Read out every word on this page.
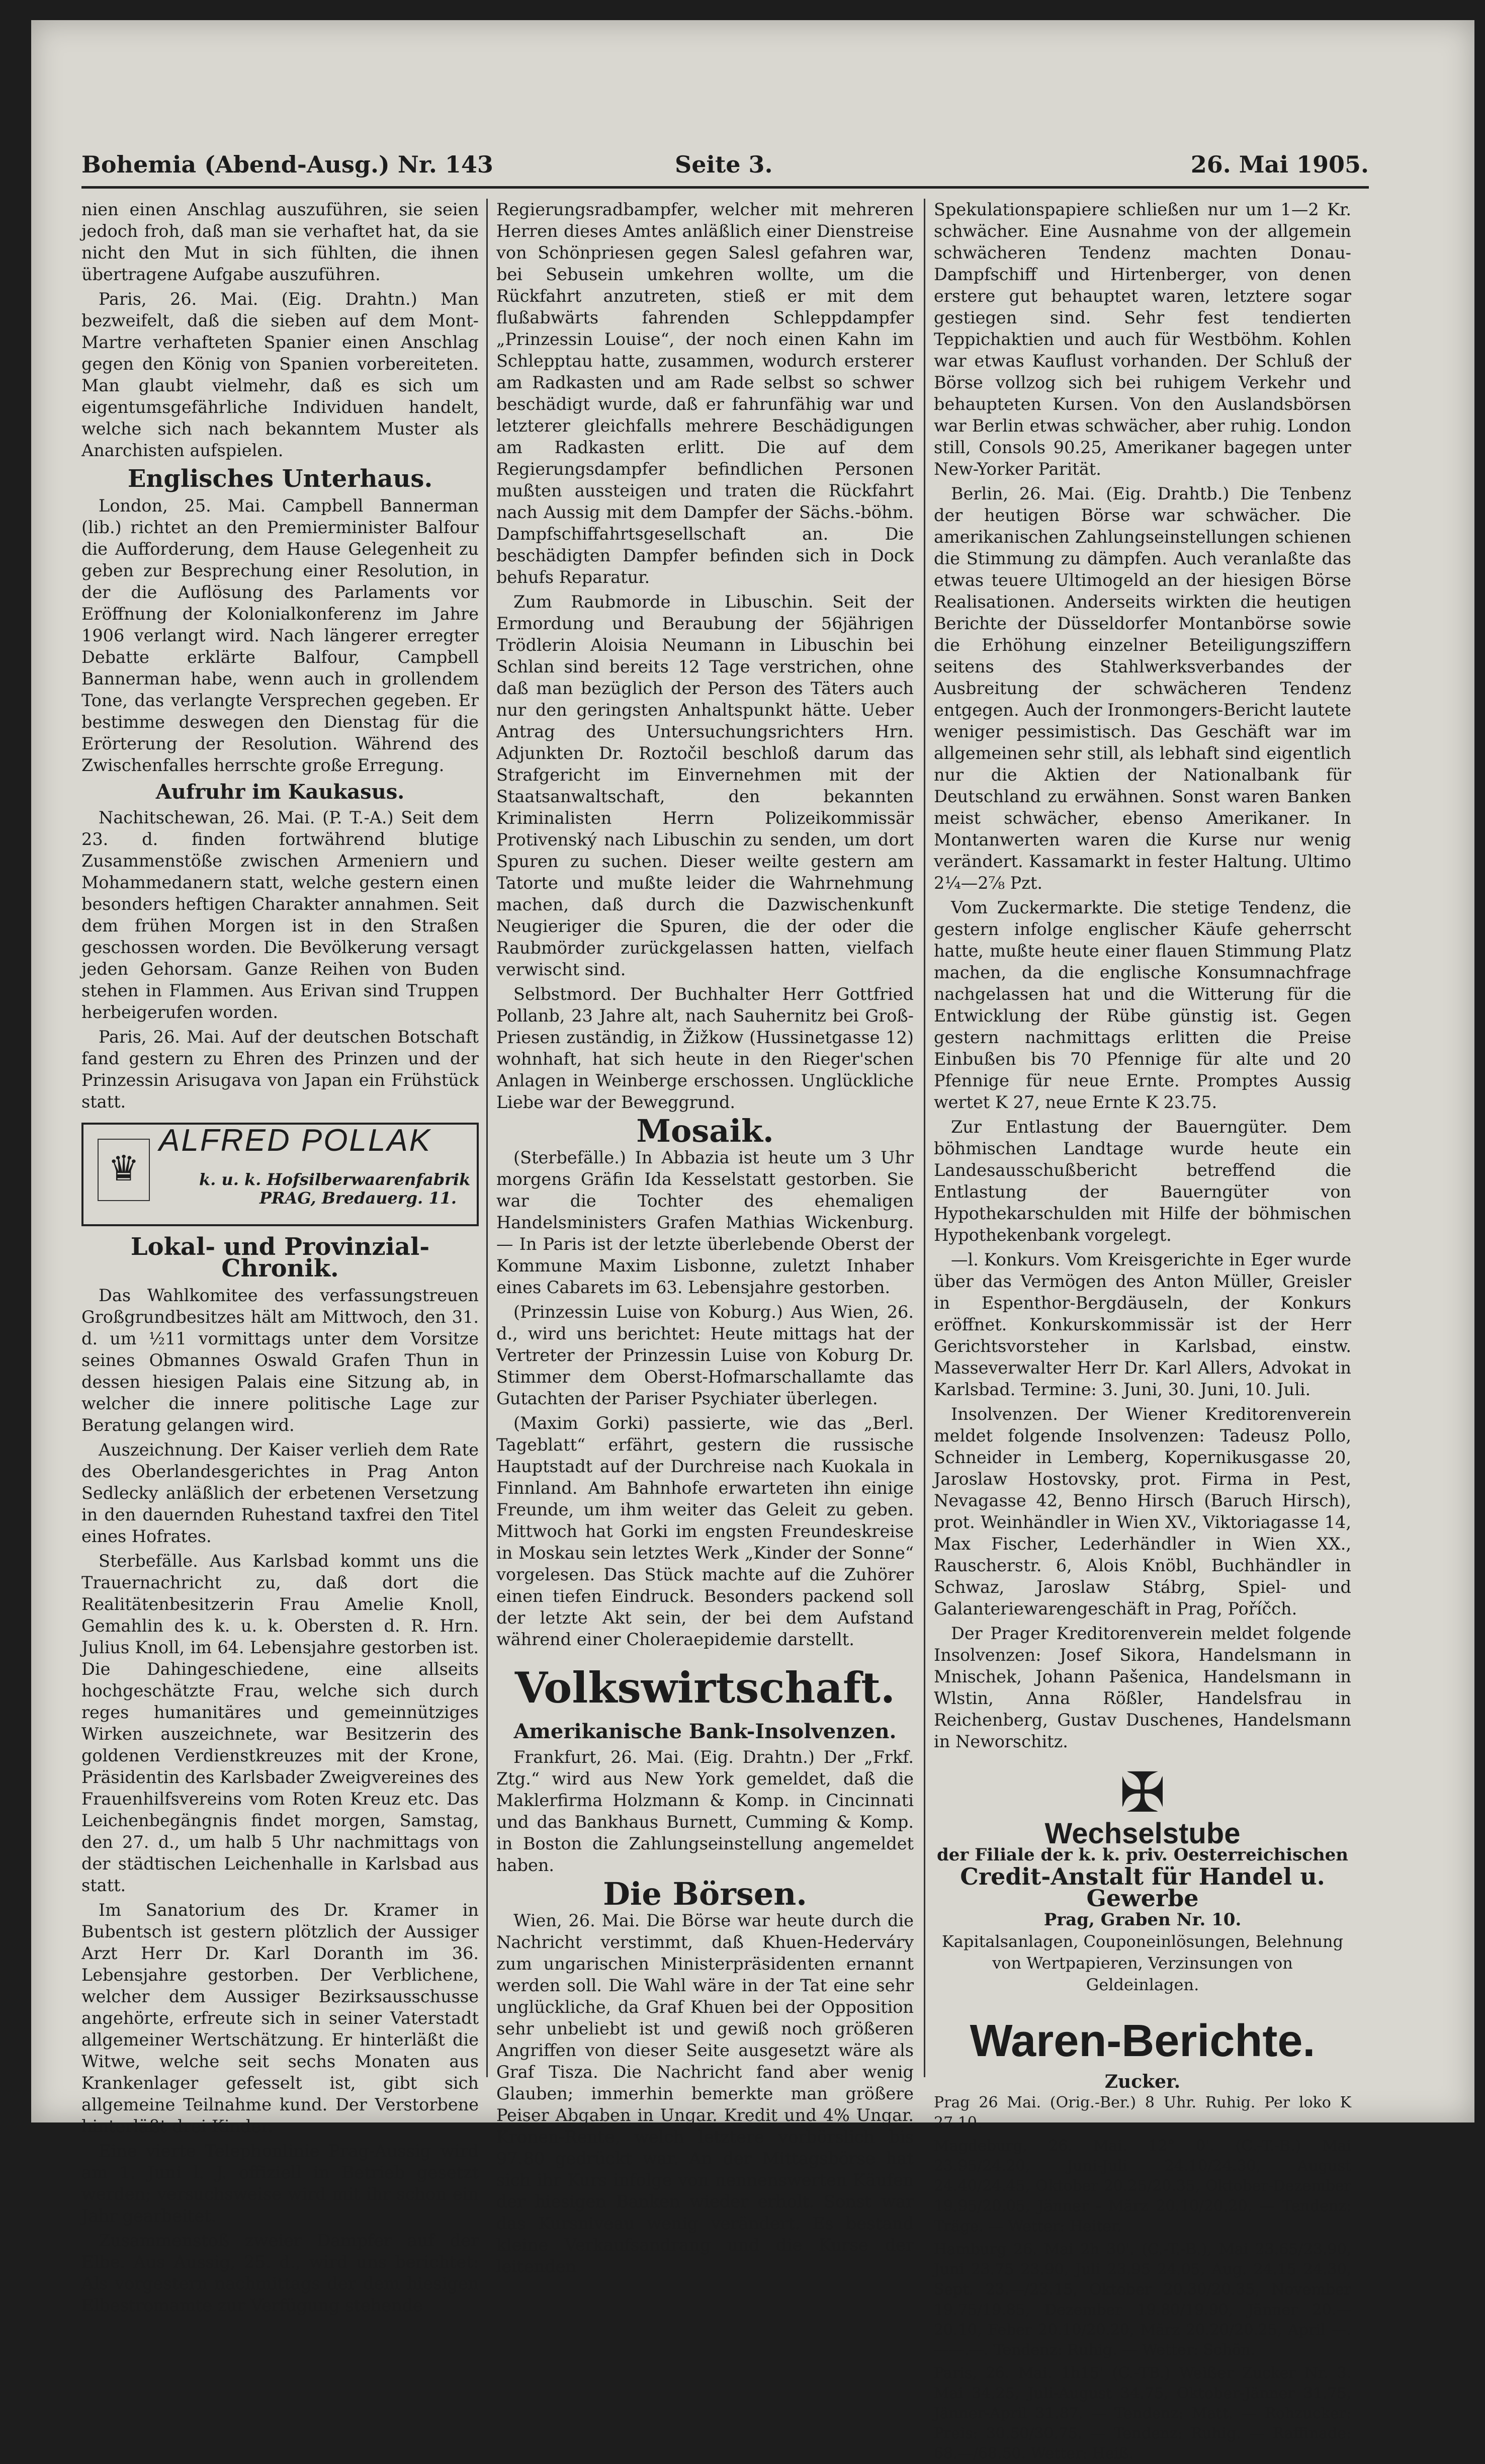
Bohemia (Abend-Ausg.) Nr. 143	Seite 3.	26. Mai 1905.

nien einen Anschlag auszuführen, sie seien jedoch froh, daß man sie verhaftet hat, da sie nicht den Mut in sich fühlten, die ihnen übertragene Aufgabe auszuführen.

Paris, 26. Mai. (Eig. Drahtn.) Man bezweifelt, daß die sieben auf dem Mont-Martre verhafteten Spanier einen Anschlag gegen den König von Spanien vorbereiteten. Man glaubt vielmehr, daß es sich um eigentumsgefährliche Individuen handelt, welche sich nach bekanntem Muster als Anarchisten aufspielen.

Englisches Unterhaus.

London, 25. Mai. Campbell Bannerman (lib.) richtet an den Premierminister Balfour die Aufforderung, dem Hause Gelegenheit zu geben zur Besprechung einer Resolution, in der die Auflösung des Parlaments vor Eröffnung der Kolonialkonferenz im Jahre 1906 verlangt wird. Nach längerer erregter Debatte erklärte Balfour, Campbell Bannerman habe, wenn auch in grollendem Tone, das verlangte Versprechen gegeben. Er bestimme deswegen den Dienstag für die Erörterung der Resolution. Während des Zwischenfalles herrschte große Erregung.

Aufruhr im Kaukasus.

Nachitschewan, 26. Mai. (P. T.-A.) Seit dem 23. d. finden fortwährend blutige Zusammenstöße zwischen Armeniern und Mohammedanern statt, welche gestern einen besonders heftigen Charakter annahmen. Seit dem frühen Morgen ist in den Straßen geschossen worden. Die Bevölkerung versagt jeden Gehorsam. Ganze Reihen von Buden stehen in Flammen. Aus Erivan sind Truppen herbeigerufen worden.

Paris, 26. Mai. Auf der deutschen Botschaft fand gestern zu Ehren des Prinzen und der Prinzessin Arisugava von Japan ein Frühstück statt.

♛
ALFRED POLLAK
k. u. k. Hofsilberwaarenfabrik
PRAG, Bredauerg. 11.
Lokal- und Provinzial-Chronik.

Das Wahlkomitee des verfassungstreuen Großgrundbesitzes hält am Mittwoch, den 31. d. um ½11 vormittags unter dem Vorsitze seines Obmannes Oswald Grafen Thun in dessen hiesigen Palais eine Sitzung ab, in welcher die innere politische Lage zur Beratung gelangen wird.

Auszeichnung. Der Kaiser verlieh dem Rate des Oberlandesgerichtes in Prag Anton Sedlecky anläßlich der erbetenen Versetzung in den dauernden Ruhestand taxfrei den Titel eines Hofrates.

Sterbefälle. Aus Karlsbad kommt uns die Trauernachricht zu, daß dort die Realitätenbesitzerin Frau Amelie Knoll, Gemahlin des k. u. k. Obersten d. R. Hrn. Julius Knoll, im 64. Lebensjahre gestorben ist. Die Dahingeschiedene, eine allseits hochgeschätzte Frau, welche sich durch reges humanitäres und gemeinnütziges Wirken auszeichnete, war Besitzerin des goldenen Verdienstkreuzes mit der Krone, Präsidentin des Karlsbader Zweigvereines des Frauenhilfsvereins vom Roten Kreuz etc. Das Leichenbegängnis findet morgen, Samstag, den 27. d., um halb 5 Uhr nachmittags von der städtischen Leichenhalle in Karlsbad aus statt.

Im Sanatorium des Dr. Kramer in Bubentsch ist gestern plötzlich der Aussiger Arzt Herr Dr. Karl Doranth im 36. Lebensjahre gestorben. Der Verblichene, welcher dem Aussiger Bezirksausschusse angehörte, erfreute sich in seiner Vaterstadt allgemeiner Wertschätzung. Er hinterläßt die Witwe, welche seit sechs Monaten aus Krankenlager gefesselt ist, gibt sich allgemeine Teilnahme kund. Der Verstorbene hinterläßt drei Kinder.

Eine vierte Telephonlinie Prag-Aussig wird am 1. Juni l. J. offiziell in Betrieb gesetzt werden; versuchsweise wird mit ihr schon ein Jahr gearbeitet.

Zusammenstoß zweier Dampfer auf der Elbe. Aus Aussig, 25. d., wird uns berichtet: Als vorgestern nachmittags der dem hiesigen Elbestromamte zur Verfügung stehende

Regierungsradbampfer, welcher mit mehreren Herren dieses Amtes anläßlich einer Dienstreise von Schönpriesen gegen Salesl gefahren war, bei Sebusein umkehren wollte, um die Rückfahrt anzutreten, stieß er mit dem flußabwärts fahrenden Schleppdampfer „Prinzessin Louise“, der noch einen Kahn im Schlepptau hatte, zusammen, wodurch ersterer am Radkasten und am Rade selbst so schwer beschädigt wurde, daß er fahrunfähig war und letzterer gleichfalls mehrere Beschädigungen am Radkasten erlitt. Die auf dem Regierungsdampfer befindlichen Personen mußten aussteigen und traten die Rückfahrt nach Aussig mit dem Dampfer der Sächs.-böhm. Dampfschiffahrtsgesellschaft an. Die beschädigten Dampfer befinden sich in Dock behufs Reparatur.

Zum Raubmorde in Libuschin. Seit der Ermordung und Beraubung der 56jährigen Trödlerin Aloisia Neumann in Libuschin bei Schlan sind bereits 12 Tage verstrichen, ohne daß man bezüglich der Person des Täters auch nur den geringsten Anhaltspunkt hätte. Ueber Antrag des Untersuchungsrichters Hrn. Adjunkten Dr. Roztočil beschloß darum das Strafgericht im Einvernehmen mit der Staatsanwaltschaft, den bekannten Kriminalisten Herrn Polizeikommissär Protivenský nach Libuschin zu senden, um dort Spuren zu suchen. Dieser weilte gestern am Tatorte und mußte leider die Wahrnehmung machen, daß durch die Dazwischenkunft Neugieriger die Spuren, die der oder die Raubmörder zurückgelassen hatten, vielfach verwischt sind.

Selbstmord. Der Buchhalter Herr Gottfried Pollanb, 23 Jahre alt, nach Sauhernitz bei Groß-Priesen zuständig, in Žižkow (Hussinetgasse 12) wohnhaft, hat sich heute in den Rieger'schen Anlagen in Weinberge erschossen. Unglückliche Liebe war der Beweggrund.

Mosaik.

(Sterbefälle.) In Abbazia ist heute um 3 Uhr morgens Gräfin Ida Kesselstatt gestorben. Sie war die Tochter des ehemaligen Handelsministers Grafen Mathias Wickenburg. — In Paris ist der letzte überlebende Oberst der Kommune Maxim Lisbonne, zuletzt Inhaber eines Cabarets im 63. Lebensjahre gestorben.

(Prinzessin Luise von Koburg.) Aus Wien, 26. d., wird uns berichtet: Heute mittags hat der Vertreter der Prinzessin Luise von Koburg Dr. Stimmer dem Oberst-Hofmarschallamte das Gutachten der Pariser Psychiater überlegen.

(Maxim Gorki) passierte, wie das „Berl. Tageblatt“ erfährt, gestern die russische Hauptstadt auf der Durchreise nach Kuokala in Finnland. Am Bahnhofe erwarteten ihn einige Freunde, um ihm weiter das Geleit zu geben. Mittwoch hat Gorki im engsten Freundeskreise in Moskau sein letztes Werk „Kinder der Sonne“ vorgelesen. Das Stück machte auf die Zuhörer einen tiefen Eindruck. Besonders packend soll der letzte Akt sein, der bei dem Aufstand während einer Choleraepidemie darstellt.

Volkswirtschaft.
Amerikanische Bank-Insolvenzen.

Frankfurt, 26. Mai. (Eig. Drahtn.) Der „Frkf. Ztg.“ wird aus New York gemeldet, daß die Maklerfirma Holzmann & Komp. in Cincinnati und das Bankhaus Burnett, Cumming & Komp. in Boston die Zahlungseinstellung angemeldet haben.

Die Börsen.

Wien, 26. Mai. Die Börse war heute durch die Nachricht verstimmt, daß Khuen-Hederváry zum ungarischen Ministerpräsidenten ernannt werden soll. Die Wahl wäre in der Tat eine sehr unglückliche, da Graf Khuen bei der Opposition sehr unbeliebt ist und gewiß noch größeren Angriffen von dieser Seite ausgesetzt wäre als Graf Tisza. Die Nachricht fand aber wenig Glauben; immerhin bemerkte man größere Peiser Abgaben in Ungar. Kredit und 4% Ungar. Kronen-Rente, welch letztere vorbörslich bis 97.80 gedrückt war. An der Mittagsbörse hat sich ihr Kurs infolge von nennenswerten Käufen der hiesigen Banken wieder erholt. Sonst war das Kursniveau wenig verändert. Es bestand kleine Verkaufsandrang und die Kurse der leitenden

Spekulationspapiere schließen nur um 1—2 Kr. schwächer. Eine Ausnahme von der allgemein schwächeren Tendenz machten Donau-Dampfschiff und Hirtenberger, von denen erstere gut behauptet waren, letztere sogar gestiegen sind. Sehr fest tendierten Teppichaktien und auch für Westböhm. Kohlen war etwas Kauflust vorhanden. Der Schluß der Börse vollzog sich bei ruhigem Verkehr und behaupteten Kursen. Von den Auslandsbörsen war Berlin etwas schwächer, aber ruhig. London still, Consols 90.25, Amerikaner bagegen unter New-Yorker Parität.

Berlin, 26. Mai. (Eig. Drahtb.) Die Tenbenz der heutigen Börse war schwächer. Die amerikanischen Zahlungseinstellungen schienen die Stimmung zu dämpfen. Auch veranlaßte das etwas teuere Ultimogeld an der hiesigen Börse Realisationen. Anderseits wirkten die heutigen Berichte der Düsseldorfer Montanbörse sowie die Erhöhung einzelner Beteiligungsziffern seitens des Stahlwerksverbandes der Ausbreitung der schwächeren Tendenz entgegen. Auch der Ironmongers-Bericht lautete weniger pessimistisch. Das Geschäft war im allgemeinen sehr still, als lebhaft sind eigentlich nur die Aktien der Nationalbank für Deutschland zu erwähnen. Sonst waren Banken meist schwächer, ebenso Amerikaner. In Montanwerten waren die Kurse nur wenig verändert. Kassamarkt in fester Haltung. Ultimo 2¼—2⅞ Pzt.

Vom Zuckermarkte. Die stetige Tendenz, die gestern infolge englischer Käufe geherrscht hatte, mußte heute einer flauen Stimmung Platz machen, da die englische Konsumnachfrage nachgelassen hat und die Witterung für die Entwicklung der Rübe günstig ist. Gegen gestern nachmittags erlitten die Preise Einbußen bis 70 Pfennige für alte und 20 Pfennige für neue Ernte. Promptes Aussig wertet K 27, neue Ernte K 23.75.

Zur Entlastung der Bauerngüter. Dem böhmischen Landtage wurde heute ein Landesausschußbericht betreffend die Entlastung der Bauerngüter von Hypothekarschulden mit Hilfe der böhmischen Hypothekenbank vorgelegt.

—l. Konkurs. Vom Kreisgerichte in Eger wurde über das Vermögen des Anton Müller, Greisler in Espenthor-Bergdäuseln, der Konkurs eröffnet. Konkurskommissär ist der Herr Gerichtsvorsteher in Karlsbad, einstw. Masseverwalter Herr Dr. Karl Allers, Advokat in Karlsbad. Termine: 3. Juni, 30. Juni, 10. Juli.

Insolvenzen. Der Wiener Kreditorenverein meldet folgende Insolvenzen: Tadeusz Pollo, Schneider in Lemberg, Kopernikusgasse 20, Jaroslaw Hostovsky, prot. Firma in Pest, Nevagasse 42, Benno Hirsch (Baruch Hirsch), prot. Weinhändler in Wien XV., Viktoriagasse 14, Max Fischer, Lederhändler in Wien XX., Rauscherstr. 6, Alois Knöbl, Buchhändler in Schwaz, Jaroslaw Stábrg, Spiel- und Galanteriewarengeschäft in Prag, Poříčch.

Der Prager Kreditorenverein meldet folgende Insolvenzen: Josef Sikora, Handelsmann in Mnischek, Johann Pašenica, Handelsmann in Wlstin, Anna Rößler, Handelsfrau in Reichenberg, Gustav Duschenes, Handelsmann in Neworschitz.

✠
Wechselstube
der Filiale der k. k. priv. Oesterreichischen
Credit-Anstalt für Handel u. Gewerbe
Prag, Graben Nr. 10.
Kapitalsanlagen, Couponeinlösungen, Belehnung von Wertpapieren, Verzinsungen von Geldeinlagen.
Waren-Berichte.
Zucker.

Prag 26 Mai. (Orig.-Ber.) 8 Uhr. Ruhig. Per loko K 27.10.

Magdeburg, 26. Mai. 12° 0'. (C.-T.-B.) Mai 23.95/24.20, Juni-Juli 24.10/24.30, August 24.40/24.45, Oktober 20.25/20.35, Oktober-Dezember 19.95/20.05, Jänner - März 20.10/20.20. — Tendenz: Träge. — Wetter: Heiter.

Hamburg 26. Mai 2h 30'. (C.-T.-B.), Mai 23.65/23.90, Juni 23.75 23.90, Juli 23.95 24.05, Aug. 24.15 24.30, Sept. 23.—/23.15, Oktober 20.30/20.35, November 19.75/19.85, Dezember 19.80/19.90, Jänner 20.—20.10, Feber 20.10/20.20, März 20.20/20.25, April —.——.—. Tendenz: Ruhig. — Wetter: Schön.

Paris, 26. Mai. 1h15' (C.-TB.) Weißer Zucker Nr. 3. Mai 34.25, Juli-August 34.75, Oktober-Jänner 31.75, Jänner-April 31.87. — Tendenz: Matt. — Rohzucker: Preis: 30.50/30.75. — Tendenz: Ruhig. — Raffinade: 68.—/68.50. Wetter: Heiß.
